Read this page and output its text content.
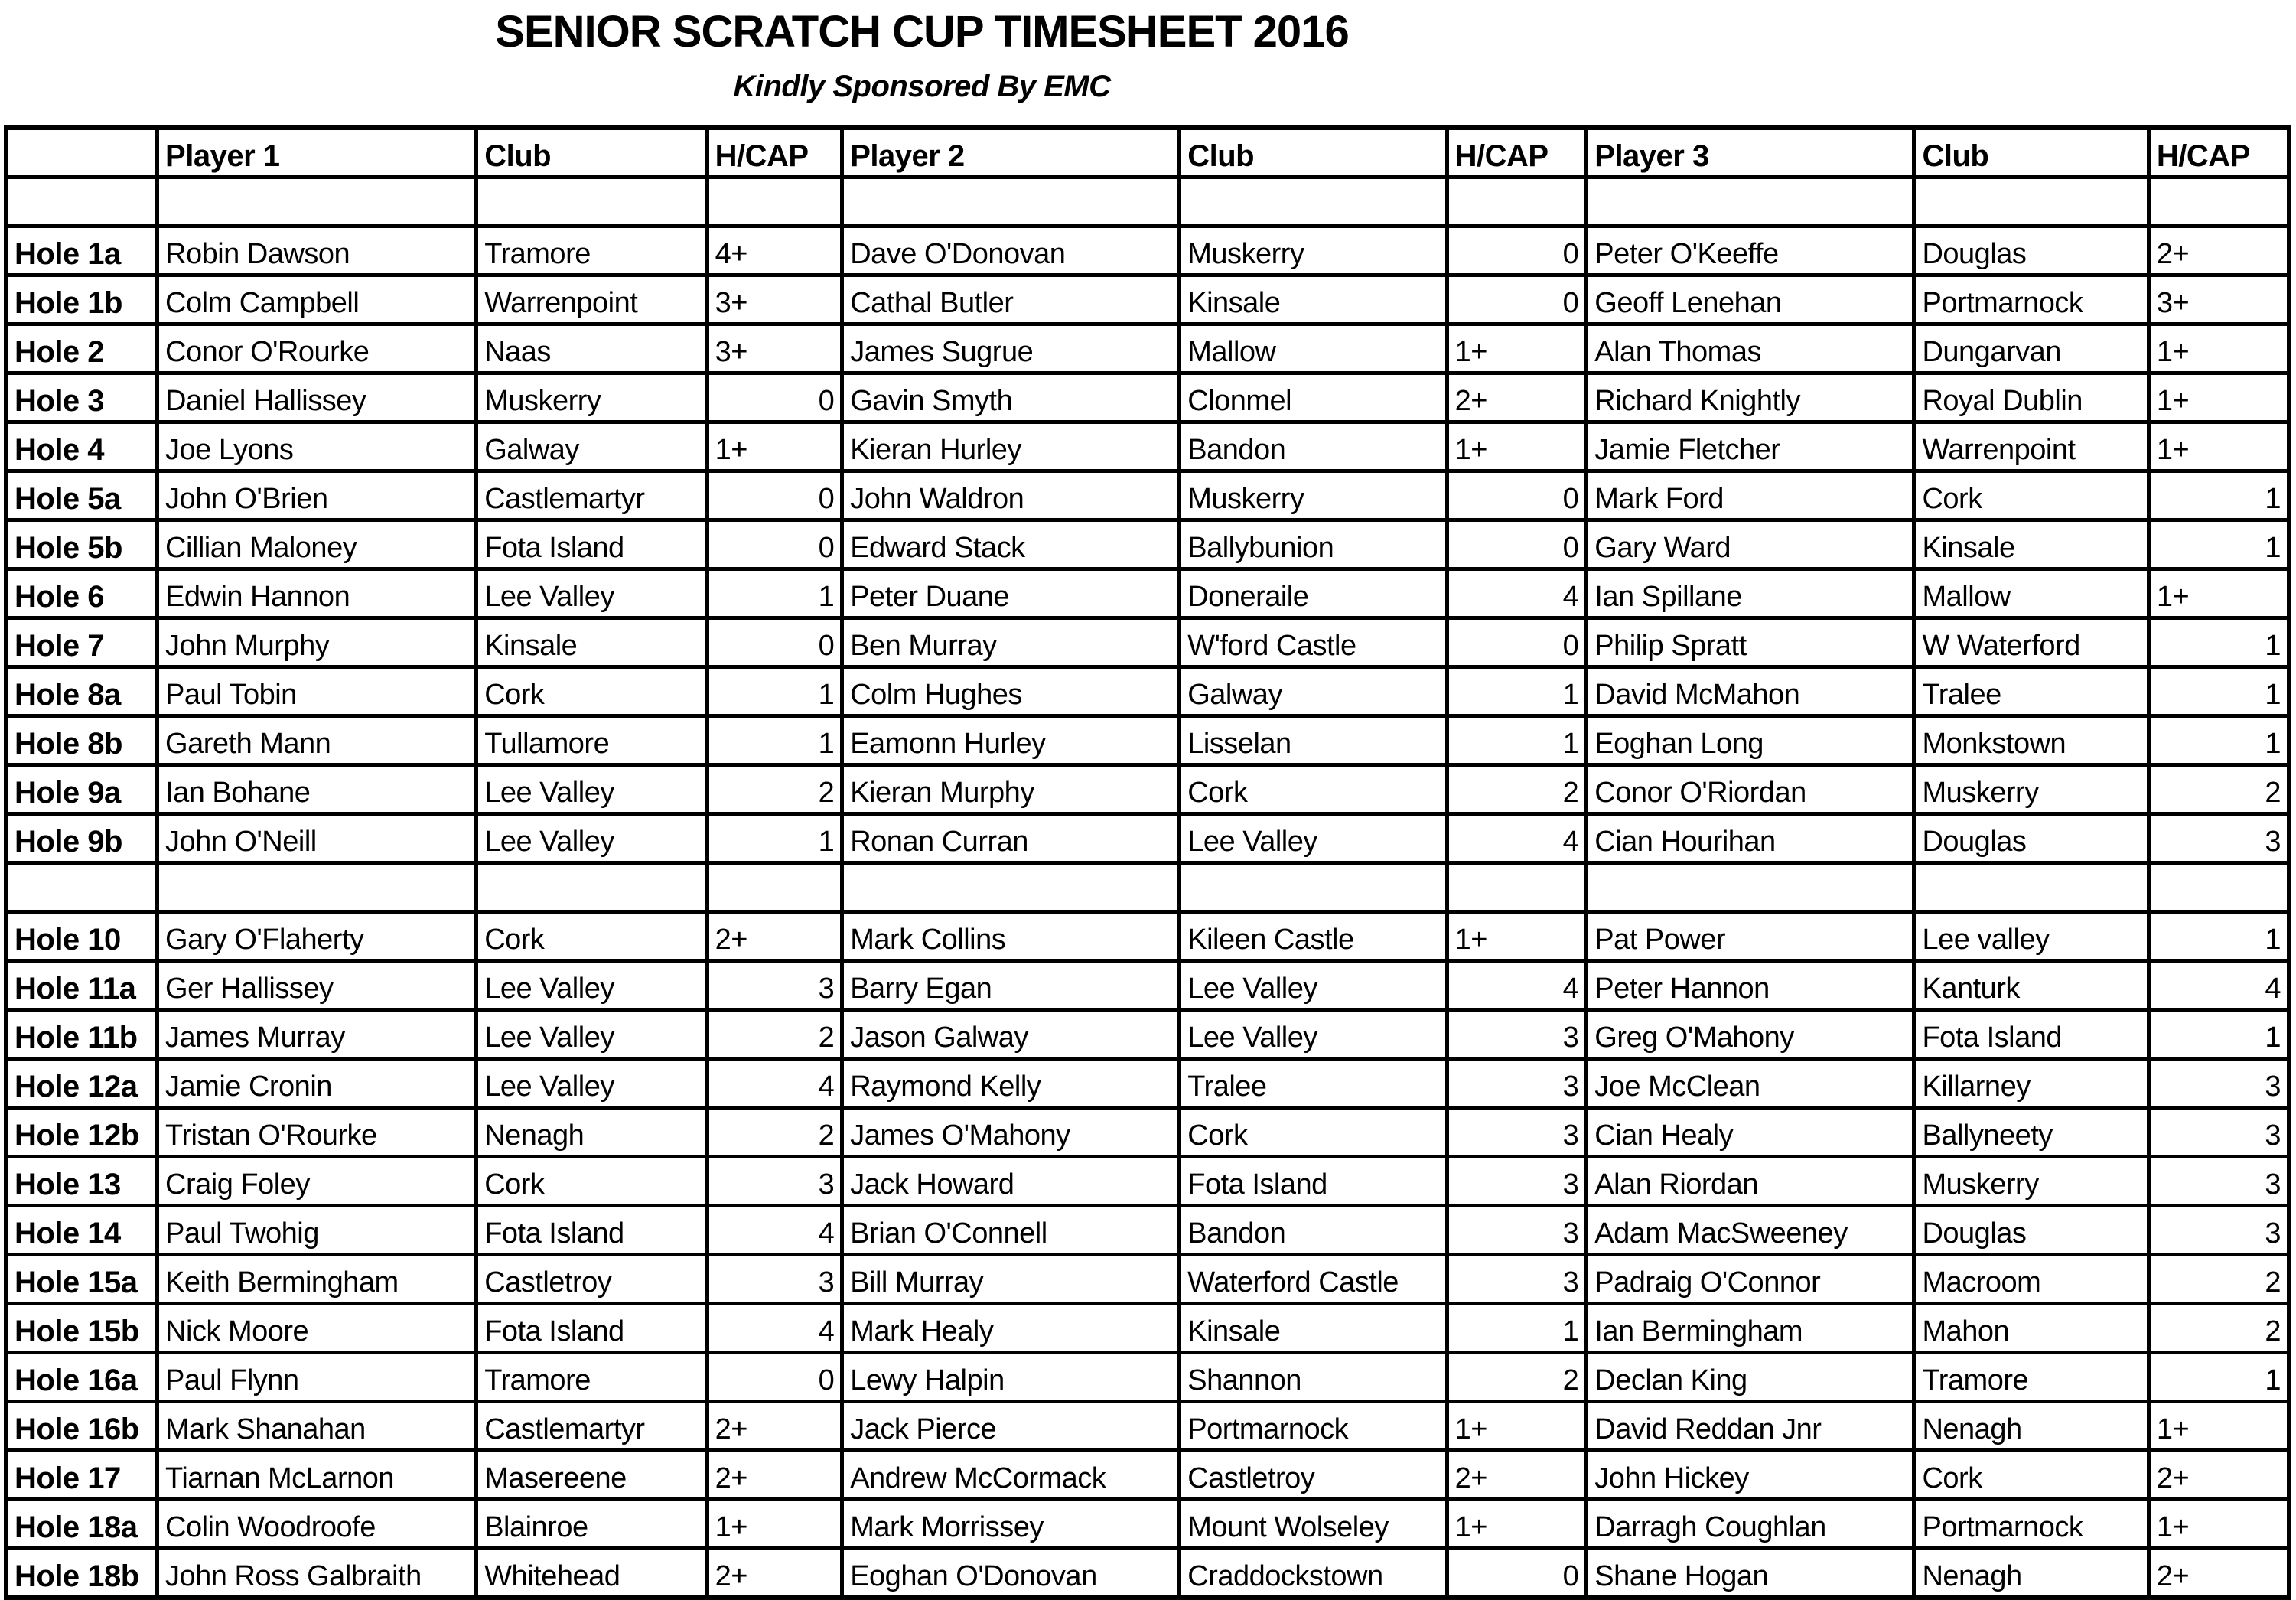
SENIOR SCRATCH CUP TIMESHEET 2016
Kindly Sponsored By EMC
	Player 1	Club	H/CAP	Player 2	Club	H/CAP	Player 3	Club	H/CAP

Hole 1a	Robin Dawson	Tramore	4+	Dave O'Donovan	Muskerry	0	Peter O'Keeffe	Douglas	2+
Hole 1b	Colm Campbell	Warrenpoint	3+	Cathal Butler	Kinsale	0	Geoff Lenehan	Portmarnock	3+
Hole 2	Conor O'Rourke	Naas	3+	James Sugrue	Mallow	1+	Alan Thomas	Dungarvan	1+
Hole 3	Daniel Hallissey	Muskerry	0	Gavin Smyth	Clonmel	2+	Richard Knightly	Royal Dublin	1+
Hole 4	Joe Lyons	Galway	1+	Kieran Hurley	Bandon	1+	Jamie Fletcher	Warrenpoint	1+
Hole 5a	John O'Brien	Castlemartyr	0	John Waldron	Muskerry	0	Mark Ford	Cork	1
Hole 5b	Cillian Maloney	Fota Island	0	Edward Stack	Ballybunion	0	Gary Ward	Kinsale	1
Hole 6	Edwin Hannon	Lee Valley	1	Peter Duane	Doneraile	4	Ian Spillane	Mallow	1+
Hole 7	John Murphy	Kinsale	0	Ben Murray	W'ford Castle	0	Philip Spratt	W Waterford	1
Hole 8a	Paul Tobin	Cork	1	Colm Hughes	Galway	1	David McMahon	Tralee	1
Hole 8b	Gareth Mann	Tullamore	1	Eamonn Hurley	Lisselan	1	Eoghan Long	Monkstown	1
Hole 9a	Ian Bohane	Lee Valley	2	Kieran Murphy	Cork	2	Conor O'Riordan	Muskerry	2
Hole 9b	John O'Neill	Lee Valley	1	Ronan Curran	Lee Valley	4	Cian Hourihan	Douglas	3

Hole 10	Gary O'Flaherty	Cork	2+	Mark Collins	Kileen Castle	1+	Pat Power	Lee valley	1
Hole 11a	Ger Hallissey	Lee Valley	3	Barry Egan	Lee Valley	4	Peter Hannon	Kanturk	4
Hole 11b	James Murray	Lee Valley	2	Jason Galway	Lee Valley	3	Greg O'Mahony	Fota Island	1
Hole 12a	Jamie Cronin	Lee Valley	4	Raymond Kelly	Tralee	3	Joe McClean	Killarney	3
Hole 12b	Tristan O'Rourke	Nenagh	2	James O'Mahony	Cork	3	Cian Healy	Ballyneety	3
Hole 13	Craig Foley	Cork	3	Jack Howard	Fota Island	3	Alan Riordan	Muskerry	3
Hole 14	Paul Twohig	Fota Island	4	Brian O'Connell	Bandon	3	Adam MacSweeney	Douglas	3
Hole 15a	Keith Bermingham	Castletroy	3	Bill Murray	Waterford Castle	3	Padraig O'Connor	Macroom	2
Hole 15b	Nick Moore	Fota Island	4	Mark Healy	Kinsale	1	Ian Bermingham	Mahon	2
Hole 16a	Paul Flynn	Tramore	0	Lewy Halpin	Shannon	2	Declan King	Tramore	1
Hole 16b	Mark Shanahan	Castlemartyr	2+	Jack Pierce	Portmarnock	1+	David Reddan Jnr	Nenagh	1+
Hole 17	Tiarnan McLarnon	Masereene	2+	Andrew McCormack	Castletroy	2+	John Hickey	Cork	2+
Hole 18a	Colin Woodroofe	Blainroe	1+	Mark Morrissey	Mount Wolseley	1+	Darragh Coughlan	Portmarnock	1+
Hole 18b	John Ross Galbraith	Whitehead	2+	Eoghan O'Donovan	Craddockstown	0	Shane Hogan	Nenagh	2+
